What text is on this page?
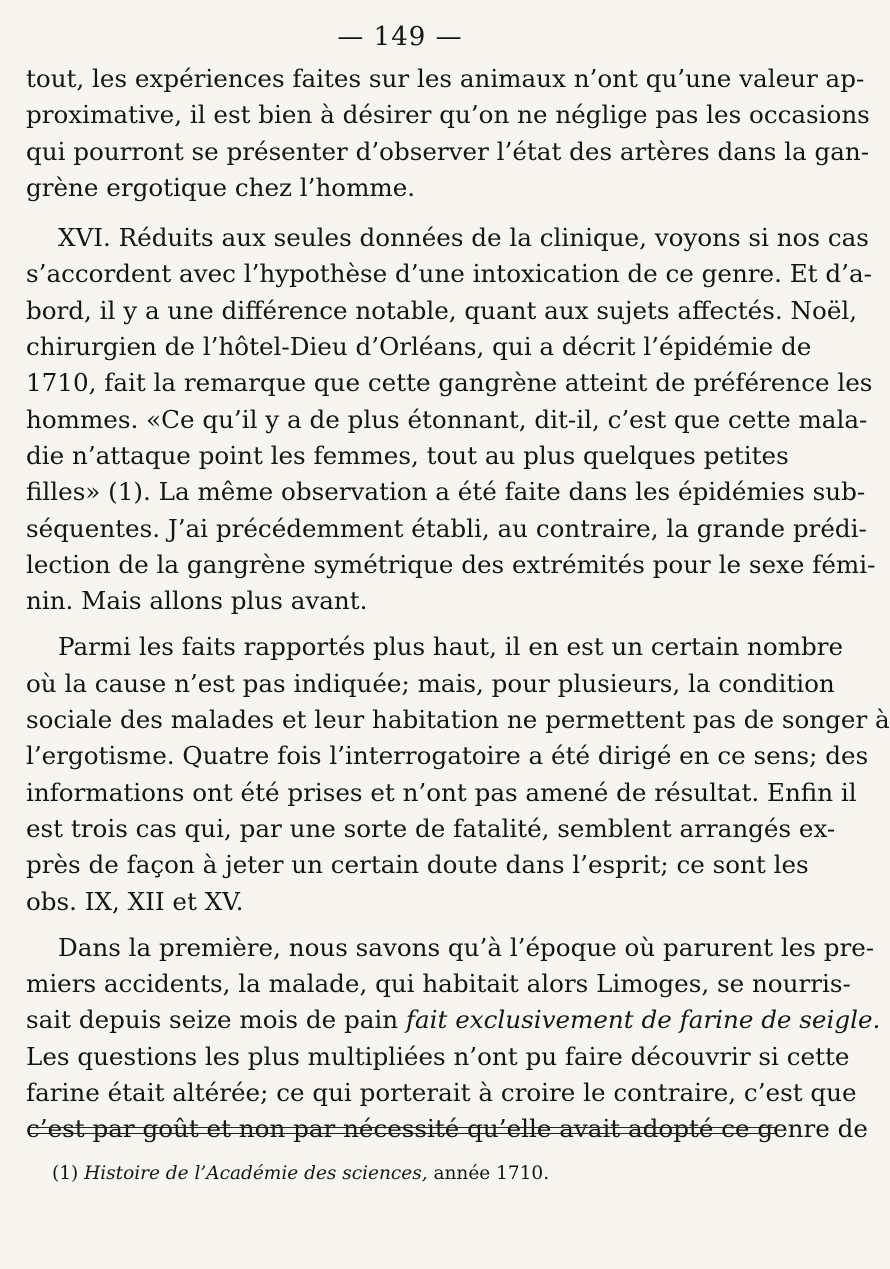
— 149 —
tout, les expériences faites sur les animaux n’ont qu’une valeur ap-
proximative, il est bien à désirer qu’on ne néglige pas les occasions
qui pourront se présenter d’observer l’état des artères dans la gan-
grène ergotique chez l’homme.
XVI. Réduits aux seules données de la clinique, voyons si nos cas
s’accordent avec l’hypothèse d’une intoxication de ce genre. Et d’a-
bord, il y a une différence notable, quant aux sujets affectés. Noël,
chirurgien de l’hôtel-Dieu d’Orléans, qui a décrit l’épidémie de
1710, fait la remarque que cette gangrène atteint de préférence les
hommes. «Ce qu’il y a de plus étonnant, dit-il, c’est que cette mala-
die n’attaque point les femmes, tout au plus quelques petites
filles» (1). La même observation a été faite dans les épidémies sub-
séquentes. J’ai précédemment établi, au contraire, la grande prédi-
lection de la gangrène symétrique des extrémités pour le sexe fémi-
nin. Mais allons plus avant.
Parmi les faits rapportés plus haut, il en est un certain nombre
où la cause n’est pas indiquée; mais, pour plusieurs, la condition
sociale des malades et leur habitation ne permettent pas de songer à
l’ergotisme. Quatre fois l’interrogatoire a été dirigé en ce sens; des
informations ont été prises et n’ont pas amené de résultat. Enfin il
est trois cas qui, par une sorte de fatalité, semblent arrangés ex-
près de façon à jeter un certain doute dans l’esprit; ce sont les
obs. IX, XII et XV.
Dans la première, nous savons qu’à l’époque où parurent les pre-
miers accidents, la malade, qui habitait alors Limoges, se nourris-
sait depuis seize mois de pain fait exclusivement de farine de seigle.
Les questions les plus multipliées n’ont pu faire découvrir si cette
farine était altérée; ce qui porterait à croire le contraire, c’est que
c’est par goût et non par nécessité qu’elle avait adopté ce genre de
(1) Histoire de l’Académie des sciences, année 1710.
